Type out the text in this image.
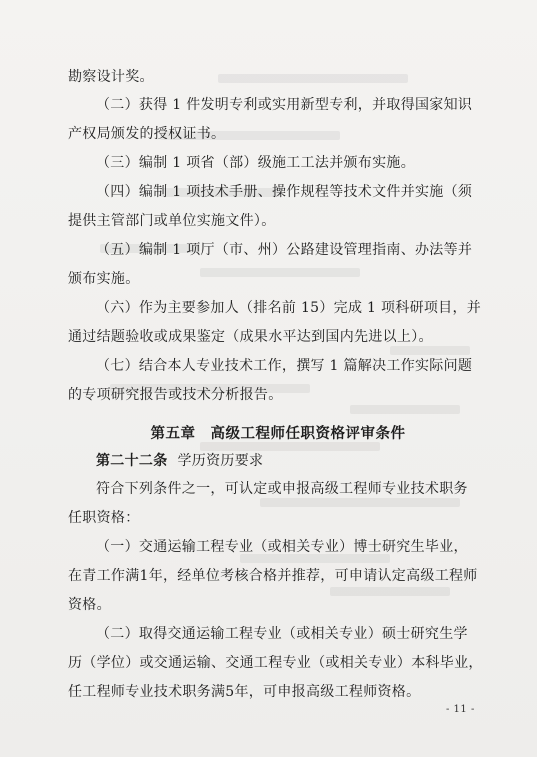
勘察设计奖。
（二）获得 1 件发明专利或实用新型专利，并取得国家知识
产权局颁发的授权证书。
（三）编制 1 项省（部）级施工工法并颁布实施。
（四）编制 1 项技术手册、操作规程等技术文件并实施（须
提供主管部门或单位实施文件）。
（五）编制 1 项厅（市、州）公路建设管理指南、办法等并
颁布实施。
（六）作为主要参加人（排名前 15）完成 1 项科研项目，并
通过结题验收或成果鉴定（成果水平达到国内先进以上）。
（七）结合本人专业技术工作，撰写 1 篇解决工作实际问题
的专项研究报告或技术分析报告。
第五章　高级工程师任职资格评审条件
第二十二条 学历资历要求
符合下列条件之一，可认定或申报高级工程师专业技术职务
任职资格：
（一）交通运输工程专业（或相关专业）博士研究生毕业，
在青工作满1年，经单位考核合格并推荐，可申请认定高级工程师
资格。
（二）取得交通运输工程专业（或相关专业）硕士研究生学
历（学位）或交通运输、交通工程专业（或相关专业）本科毕业，
任工程师专业技术职务满5年，可申报高级工程师资格。
- 11 -
